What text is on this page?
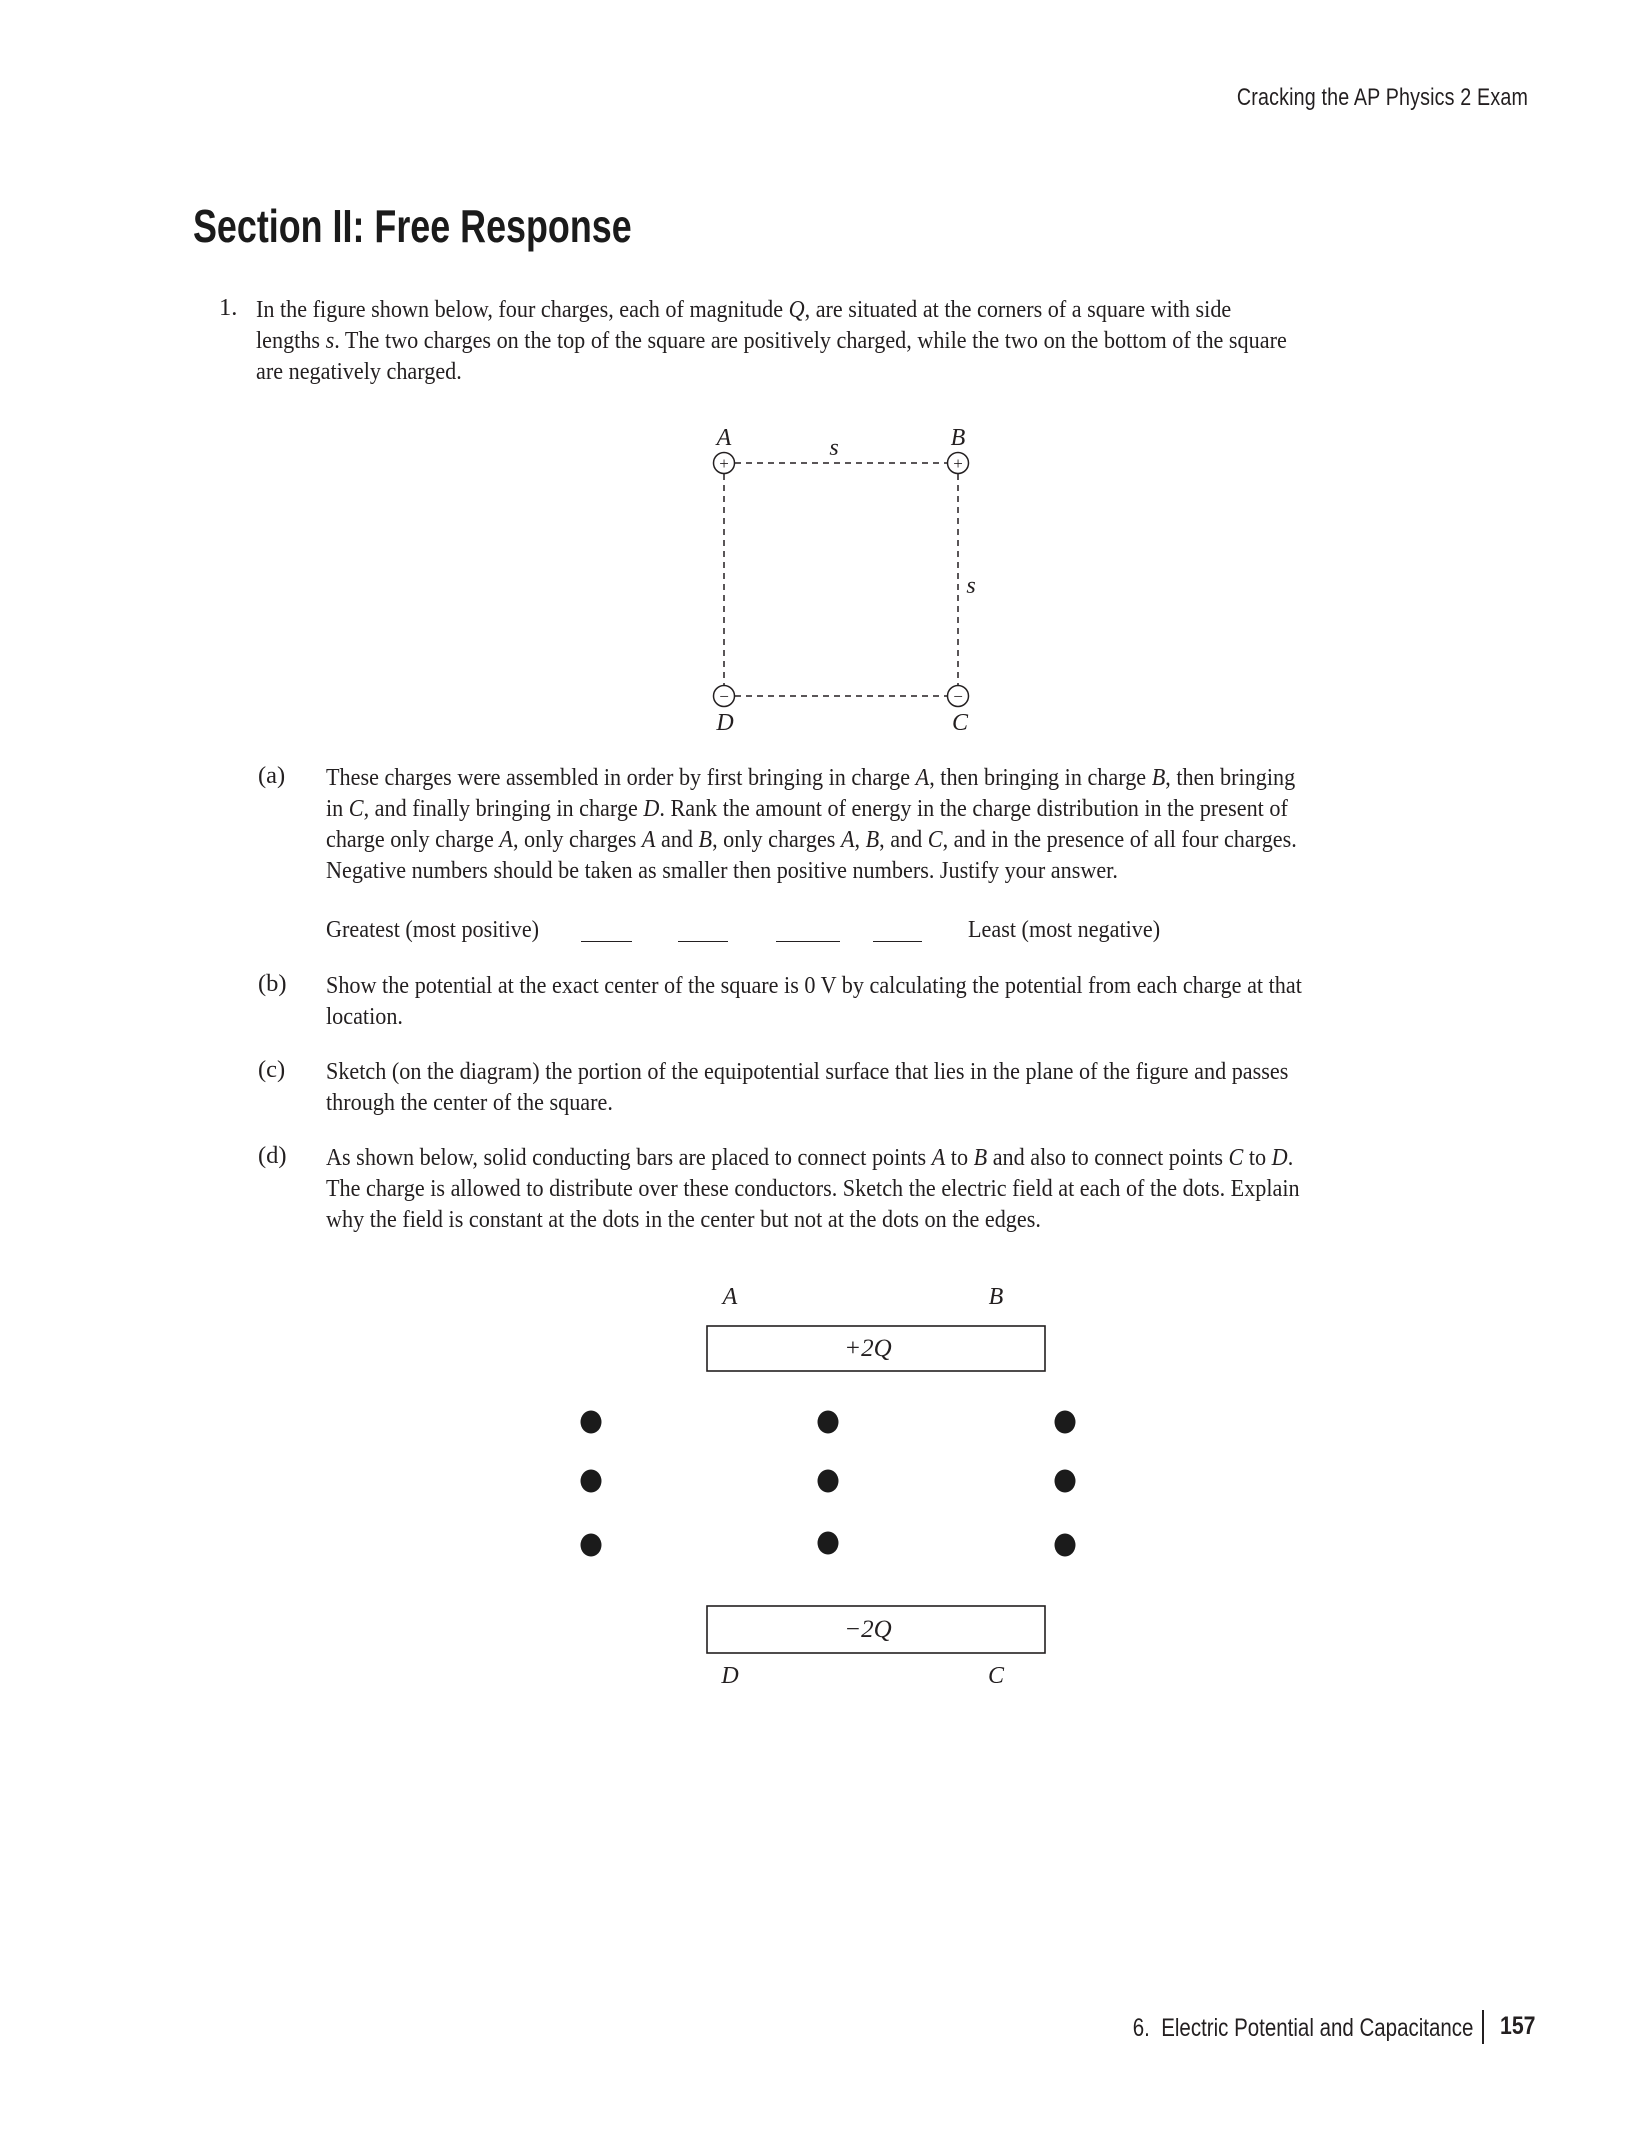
Cracking the AP Physics 2 Exam
Section II: Free Response
1. In the figure shown below, four charges, each of magnitude Q, are situated at the corners of a square with side
lengths s. The two charges on the top of the square are positively charged, while the two on the bottom of the square
are negatively charged.
+	+
−	−
A	B
s
s
D	C
(a) These charges were assembled in order by first bringing in charge A, then bringing in charge B, then bringing
in C, and finally bringing in charge D. Rank the amount of energy in the charge distribution in the present of
charge only charge A, only charges A and B, only charges A, B, and C, and in the presence of all four charges.
Negative numbers should be taken as smaller then positive numbers. Justify your answer.
Greatest (most positive)	Least (most negative)
(b) Show the potential at the exact center of the square is 0 V by calculating the potential from each charge at that
location.
(c) Sketch (on the diagram) the portion of the equipotential surface that lies in the plane of the figure and passes
through the center of the square.
(d) As shown below, solid conducting bars are placed to connect points A to B and also to connect points C to D.
The charge is allowed to distribute over these conductors. Sketch the electric field at each of the dots. Explain
why the field is constant at the dots in the center but not at the dots on the edges.
A	B
+2Q
−2Q
D	C
6.  Electric Potential and Capacitance 157
